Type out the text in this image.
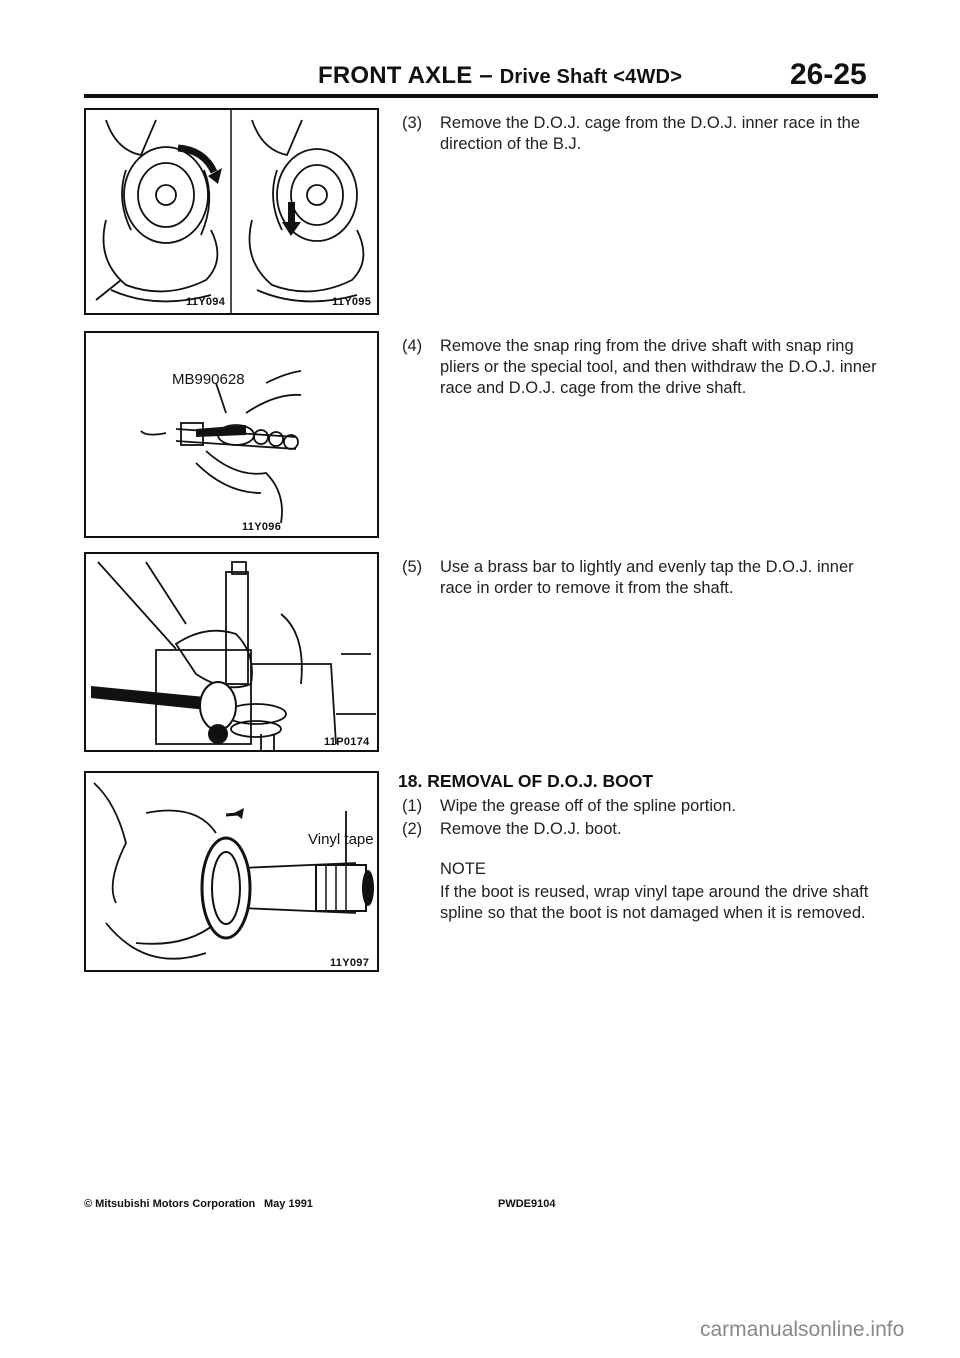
FRONT AXLE – Drive Shaft <4WD>	26-25
11Y094	11Y095
MB990628
11Y096
11P0174
Vinyl tape
11Y097
(3) Remove the D.O.J. cage from the D.O.J. inner race in the direction of the B.J.
(4) Remove the snap ring from the drive shaft with snap ring pliers or the special tool, and then withdraw the D.O.J. inner race and D.O.J. cage from the drive shaft.
(5) Use a brass bar to lightly and evenly tap the D.O.J. inner race in order to remove it from the shaft.
18. REMOVAL OF D.O.J. BOOT
(1) Wipe the grease off of the spline portion.
(2) Remove the D.O.J. boot.
NOTE
If the boot is reused, wrap vinyl tape around the drive shaft spline so that the boot is not damaged when it is removed.
© Mitsubishi Motors Corporation May 1991	PWDE9104
carmanualsonline.info
